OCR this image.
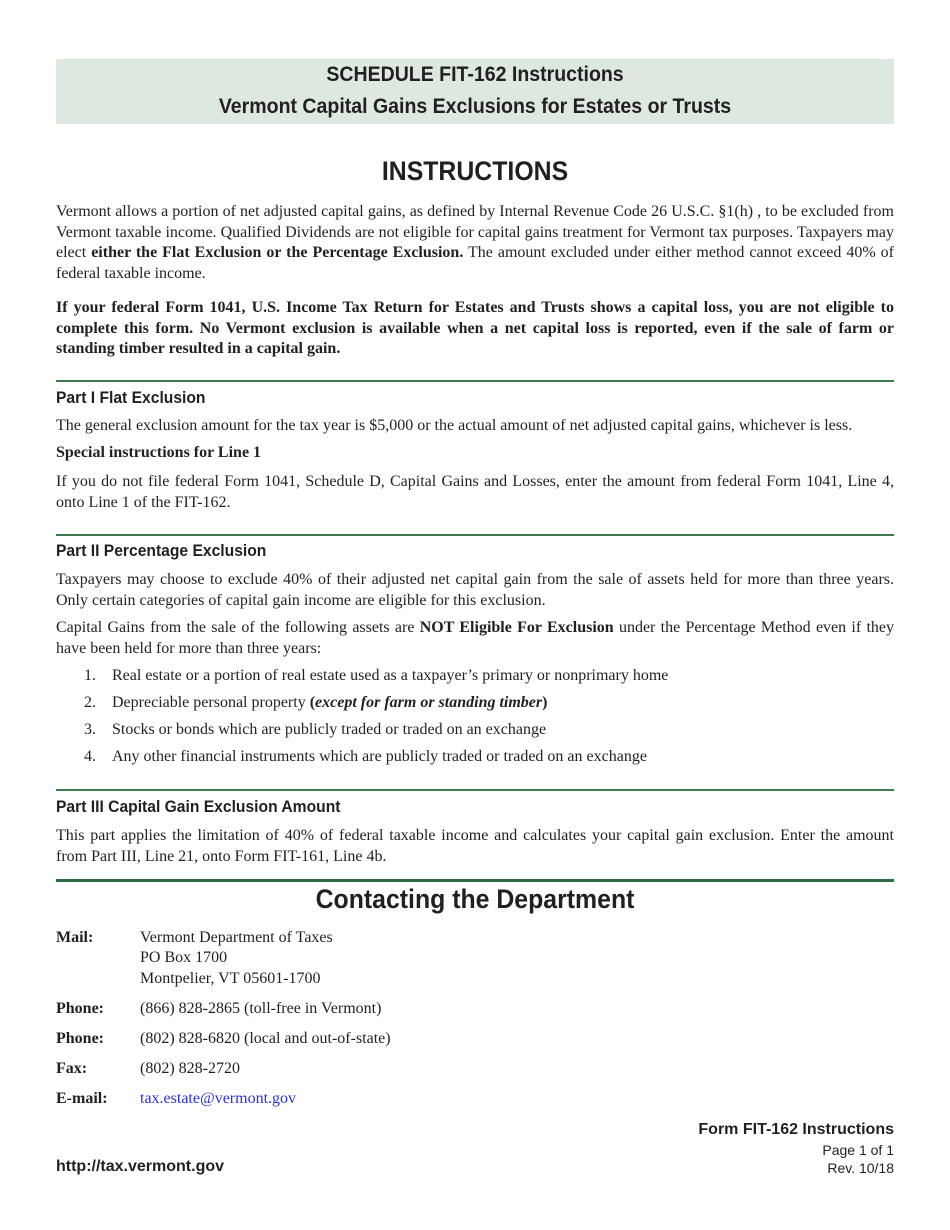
SCHEDULE FIT-162 Instructions
Vermont Capital Gains Exclusions for Estates or Trusts
INSTRUCTIONS

Vermont allows a portion of net adjusted capital gains, as defined by Internal Revenue Code 26 U.S.C. §1(h) , to be excluded from Vermont taxable income. Qualified Dividends are not eligible for capital gains treatment for Vermont tax purposes. Taxpayers may elect either the Flat Exclusion or the Percentage Exclusion. The amount excluded under either method cannot exceed 40% of federal taxable income.

If your federal Form 1041, U.S. Income Tax Return for Estates and Trusts shows a capital loss, you are not eligible to complete this form. No Vermont exclusion is available when a net capital loss is reported, even if the sale of farm or standing timber resulted in a capital gain.

Part I Flat Exclusion

The general exclusion amount for the tax year is $5,000 or the actual amount of net adjusted capital gains, whichever is less.

Special instructions for Line 1

If you do not file federal Form 1041, Schedule D, Capital Gains and Losses, enter the amount from federal Form 1041, Line 4, onto Line 1 of the FIT-162.

Part II Percentage Exclusion

Taxpayers may choose to exclude 40% of their adjusted net capital gain from the sale of assets held for more than three years. Only certain categories of capital gain income are eligible for this exclusion.

Capital Gains from the sale of the following assets are NOT Eligible For Exclusion under the Percentage Method even if they have been held for more than three years:

1. Real estate or a portion of real estate used as a taxpayer’s primary or nonprimary home
2. Depreciable personal property (except for farm or standing timber)
3. Stocks or bonds which are publicly traded or traded on an exchange
4. Any other financial instruments which are publicly traded or traded on an exchange
Part III Capital Gain Exclusion Amount

This part applies the limitation of 40% of federal taxable income and calculates your capital gain exclusion. Enter the amount from Part III, Line 21, onto Form FIT-161, Line 4b.

Contacting the Department
Mail:	Vermont Department of Taxes
PO Box 1700
Montpelier, VT 05601-1700
Phone: (866) 828-2865 (toll-free in Vermont)
Phone: (802) 828-6820 (local and out-of-state)
Fax:	(802) 828-2720
E-mail: tax.estate@vermont.gov
Form FIT-162 Instructions
Page 1 of 1
Rev. 10/18
http://tax.vermont.gov
